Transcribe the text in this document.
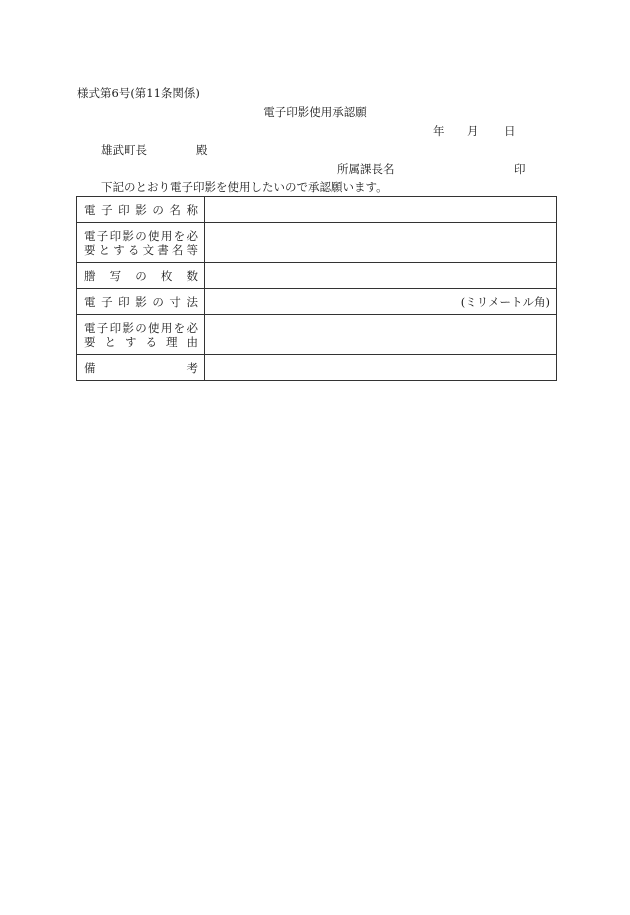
様式第6号(第11条関係)
電子印影使用承認願
年 月 日
雄武町長	殿
所属課長名	印
下記のとおり電子印影を使用したいので承認願います。
電子印影の名称	

電子印影の使用を必
要とする文書名等	

謄写の枚数	

電子印影の寸法	(ミリメートル角)

電子印影の使用を必
要とする理由	

備考	
